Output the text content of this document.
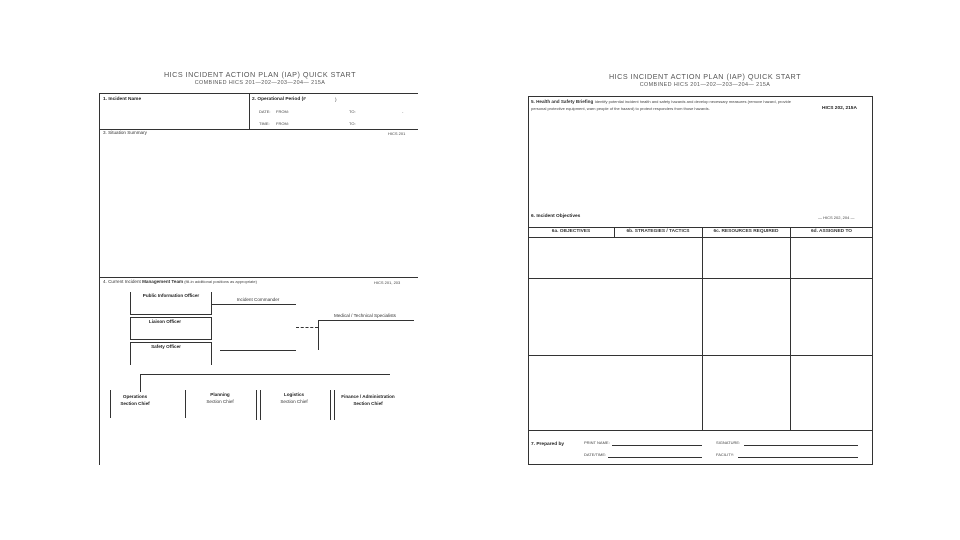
HICS INCIDENT ACTION PLAN (IAP) QUICK START
COMBINED HICS 201—202—203—204— 215A
1. Incident Name	2. Operational Period (#	)
DATE: FROM:	TO:	-
TIME: FROM:	TO:
3. Situation Summary	HICS 201
4. Current Incident Management Team (fill-in additional positions as appropriate)	HICS 201, 203
Public Information Officer
Liaison Officer
Safety Officer
Incident Commander
Medical / Technical Specialists
Operations
Section Chief
Planning
Section Chief
Logistics
Section Chief
Finance / Administration
Section Chief
HICS INCIDENT ACTION PLAN (IAP) QUICK START
COMBINED HICS 201—202—203—204— 215A
5. Health and Safety Briefing Identify potential incident health and safety hazards and develop necessary measures (remove hazard, provide
personal protective equipment, warn people of the hazard) to protect responders from those hazards.	HICS 202, 215A
6. Incident Objectives	— HICS 202, 204 —
6a. OBJECTIVES	6b. STRATEGIES / TACTICS	6c. RESOURCES REQUIRED	6d. ASSIGNED TO
7. Prepared by	PRINT NAME:	SIGNATURE:
DATE/TIME:	FACILITY:
